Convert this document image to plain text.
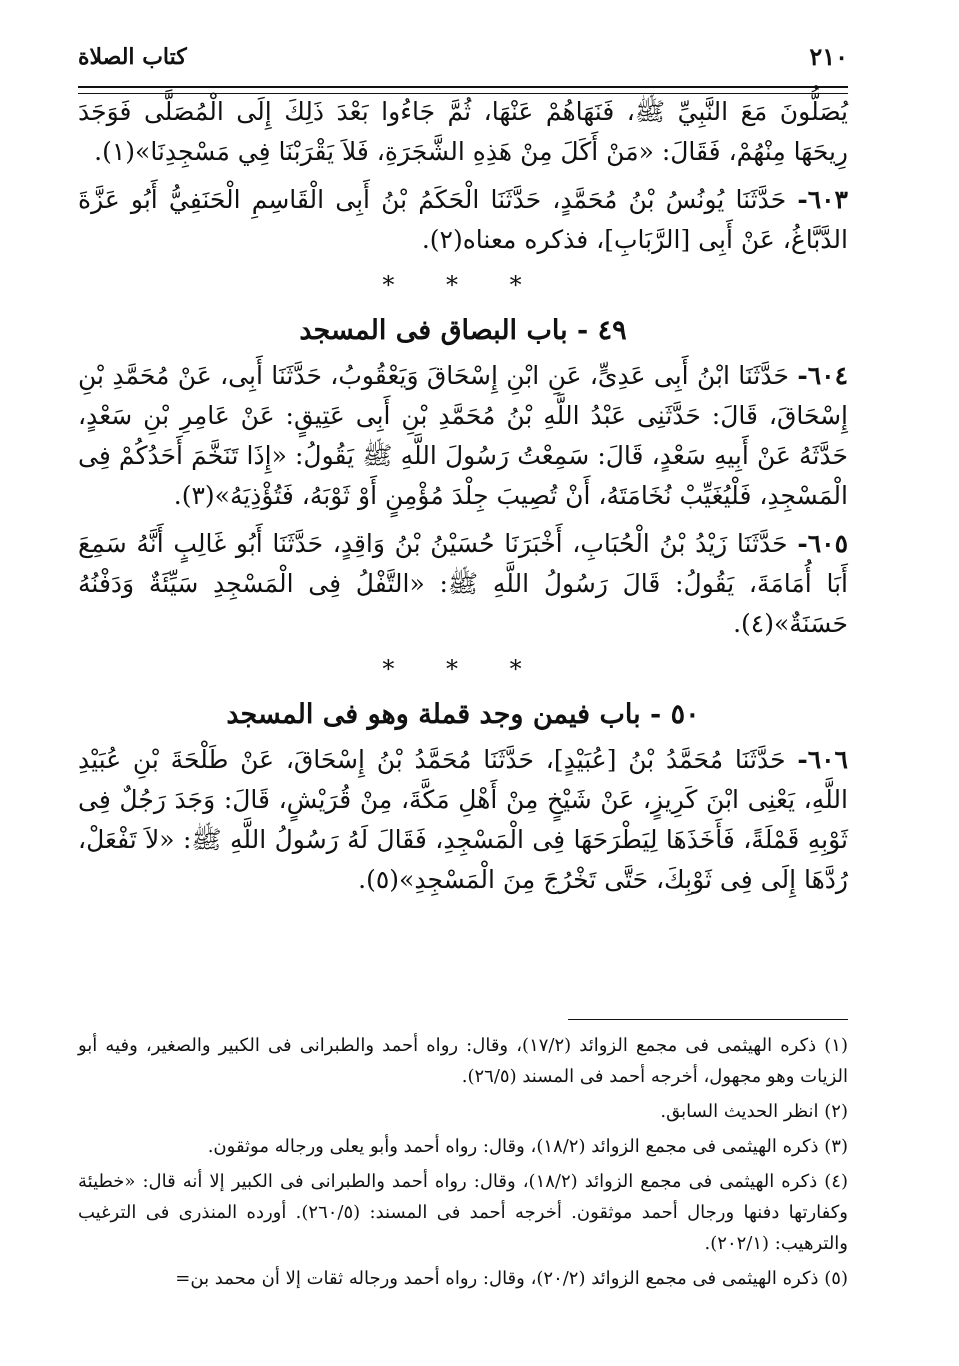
٢١٠
كتاب الصلاة

يُصَلُّونَ مَعَ النَّبِيِّ ﷺ، فَنَهَاهُمْ عَنْهَا، ثُمَّ جَاءُوا بَعْدَ ذَلِكَ إِلَى الْمُصَلَّى فَوَجَدَ رِيحَهَا مِنْهُمْ، فَقَالَ: «مَنْ أَكَلَ مِنْ هَذِهِ الشَّجَرَةِ، فَلاَ يَقْرَبْنَا فِي مَسْجِدِنَا»(١).

٦٠٣- حَدَّثَنَا يُونُسُ بْنُ مُحَمَّدٍ، حَدَّثَنَا الْحَكَمُ بْنُ أَبِى الْقَاسِمِ الْحَنَفِيُّ أَبُو عَزَّةَ الدَّبَّاغُ، عَنْ أَبِى [الرَّبَابِ]، فذكره معناه(٢).

* * *
٤٩ - باب البصاق فى المسجد

٦٠٤- حَدَّثَنَا ابْنُ أَبِى عَدِىٍّ، عَنِ ابْنِ إِسْحَاقَ وَيَعْقُوبُ، حَدَّثَنَا أَبِى، عَنْ مُحَمَّدِ بْنِ إِسْحَاقَ، قَالَ: حَدَّثَنِى عَبْدُ اللَّهِ بْنُ مُحَمَّدِ بْنِ أَبِى عَتِيقٍ: عَنْ عَامِرِ بْنِ سَعْدٍ، حَدَّثَهُ عَنْ أَبِيهِ سَعْدٍ، قَالَ: سَمِعْتُ رَسُولَ اللَّهِ ﷺ يَقُولُ: «إِذَا تَنَخَّمَ أَحَدُكُمْ فِى الْمَسْجِدِ، فَلْيُغَيِّبْ نُخَامَتَهُ، أَنْ تُصِيبَ جِلْدَ مُؤْمِنٍ أَوْ ثَوْبَهُ، فَتُؤْذِيَهُ»(٣).

٦٠٥- حَدَّثَنَا زَيْدُ بْنُ الْحُبَابِ، أَخْبَرَنَا حُسَيْنُ بْنُ وَاقِدٍ، حَدَّثَنَا أَبُو غَالِبٍ أَنَّهُ سَمِعَ أَبَا أُمَامَةَ، يَقُولُ: قَالَ رَسُولُ اللَّهِ ﷺ: «التَّفْلُ فِى الْمَسْجِدِ سَيِّئَةٌ وَدَفْنُهُ حَسَنَةٌ»(٤).

* * *
٥٠ - باب فيمن وجد قملة وهو فى المسجد

٦٠٦- حَدَّثَنَا مُحَمَّدُ بْنُ [عُبَيْدٍ]، حَدَّثَنَا مُحَمَّدُ بْنُ إِسْحَاقَ، عَنْ طَلْحَةَ بْنِ عُبَيْدِ اللَّهِ، يَعْنِى ابْنَ كَرِيزٍ، عَنْ شَيْخٍ مِنْ أَهْلِ مَكَّةَ، مِنْ قُرَيْشٍ، قَالَ: وَجَدَ رَجُلٌ فِى ثَوْبِهِ قَمْلَةً، فَأَخَذَهَا لِيَطْرَحَهَا فِى الْمَسْجِدِ، فَقَالَ لَهُ رَسُولُ اللَّهِ ﷺ: «لاَ تَفْعَلْ، رُدَّهَا إِلَى فِى ثَوْبِكَ، حَتَّى تَخْرُجَ مِنَ الْمَسْجِدِ»(٥).

(١) ذكره الهيثمى فى مجمع الزوائد (١٧/٢)، وقال: رواه أحمد والطبرانى فى الكبير والصغير، وفيه أبو الزيات وهو مجهول، أخرجه أحمد فى المسند (٢٦/٥).

(٢) انظر الحديث السابق.

(٣) ذكره الهيثمى فى مجمع الزوائد (١٨/٢)، وقال: رواه أحمد وأبو يعلى ورجاله موثقون.

(٤) ذكره الهيثمى فى مجمع الزوائد (١٨/٢)، وقال: رواه أحمد والطبرانى فى الكبير إلا أنه قال: «خطيئة وكفارتها دفنها ورجال أحمد موثقون. أخرجه أحمد فى المسند: (٢٦٠/٥). أورده المنذرى فى الترغيب والترهيب: (٢٠٢/١).

(٥) ذكره الهيثمى فى مجمع الزوائد (٢٠/٢)، وقال: رواه أحمد ورجاله ثقات إلا أن محمد بن=
